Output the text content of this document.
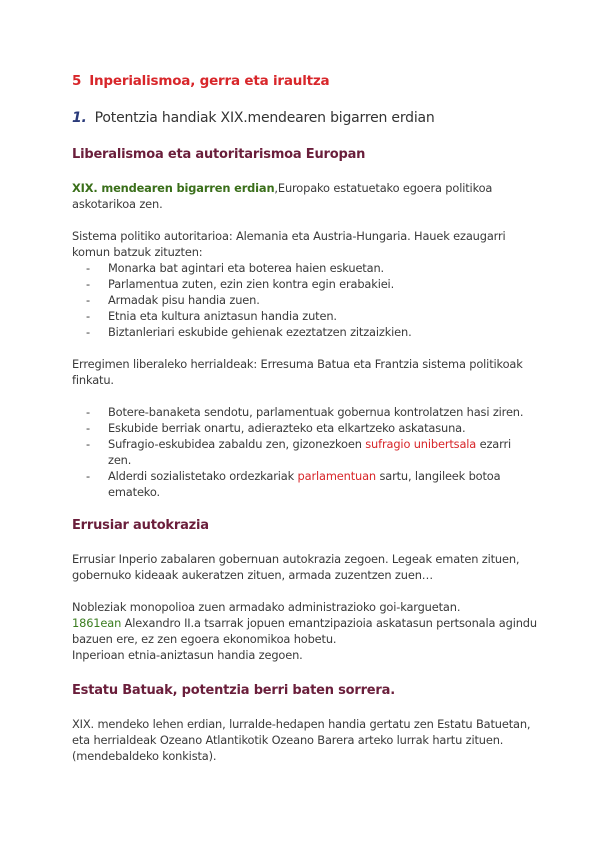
5 Inperialismoa, gerra eta iraultza
1. Potentzia handiak XIX.mendearen bigarren erdian
Liberalismoa eta autoritarismoa Europan
XIX. mendearen bigarren erdian,Europako estatuetako egoera politikoa
askotarikoa zen.
Sistema politiko autoritarioa: Alemania eta Austria-Hungaria. Hauek ezaugarri
komun batzuk zituzten:
- Monarka bat agintari eta boterea haien eskuetan.
- Parlamentua zuten, ezin zien kontra egin erabakiei.
- Armadak pisu handia zuen.
- Etnia eta kultura aniztasun handia zuten.
- Biztanleriari eskubide gehienak ezeztatzen zitzaizkien.
Erregimen liberaleko herrialdeak: Erresuma Batua eta Frantzia sistema politikoak
finkatu.
- Botere-banaketa sendotu, parlamentuak gobernua kontrolatzen hasi ziren.
- Eskubide berriak onartu, adierazteko eta elkartzeko askatasuna.
- Sufragio-eskubidea zabaldu zen, gizonezkoen sufragio unibertsala ezarri
zen.
- Alderdi sozialistetako ordezkariak parlamentuan sartu, langileek botoa
emateko.
Errusiar autokrazia
Errusiar Inperio zabalaren gobernuan autokrazia zegoen. Legeak ematen zituen,
gobernuko kideaak aukeratzen zituen, armada zuzentzen zuen…
Nobleziak monopolioa zuen armadako administrazioko goi-karguetan.
1861ean Alexandro II.a tsarrak jopuen emantzipazioia askatasun pertsonala agindu
bazuen ere, ez zen egoera ekonomikoa hobetu.
Inperioan etnia-aniztasun handia zegoen.
Estatu Batuak, potentzia berri baten sorrera.
XIX. mendeko lehen erdian, lurralde-hedapen handia gertatu zen Estatu Batuetan,
eta herrialdeak Ozeano Atlantikotik Ozeano Barera arteko lurrak hartu zituen.
(mendebaldeko konkista).
